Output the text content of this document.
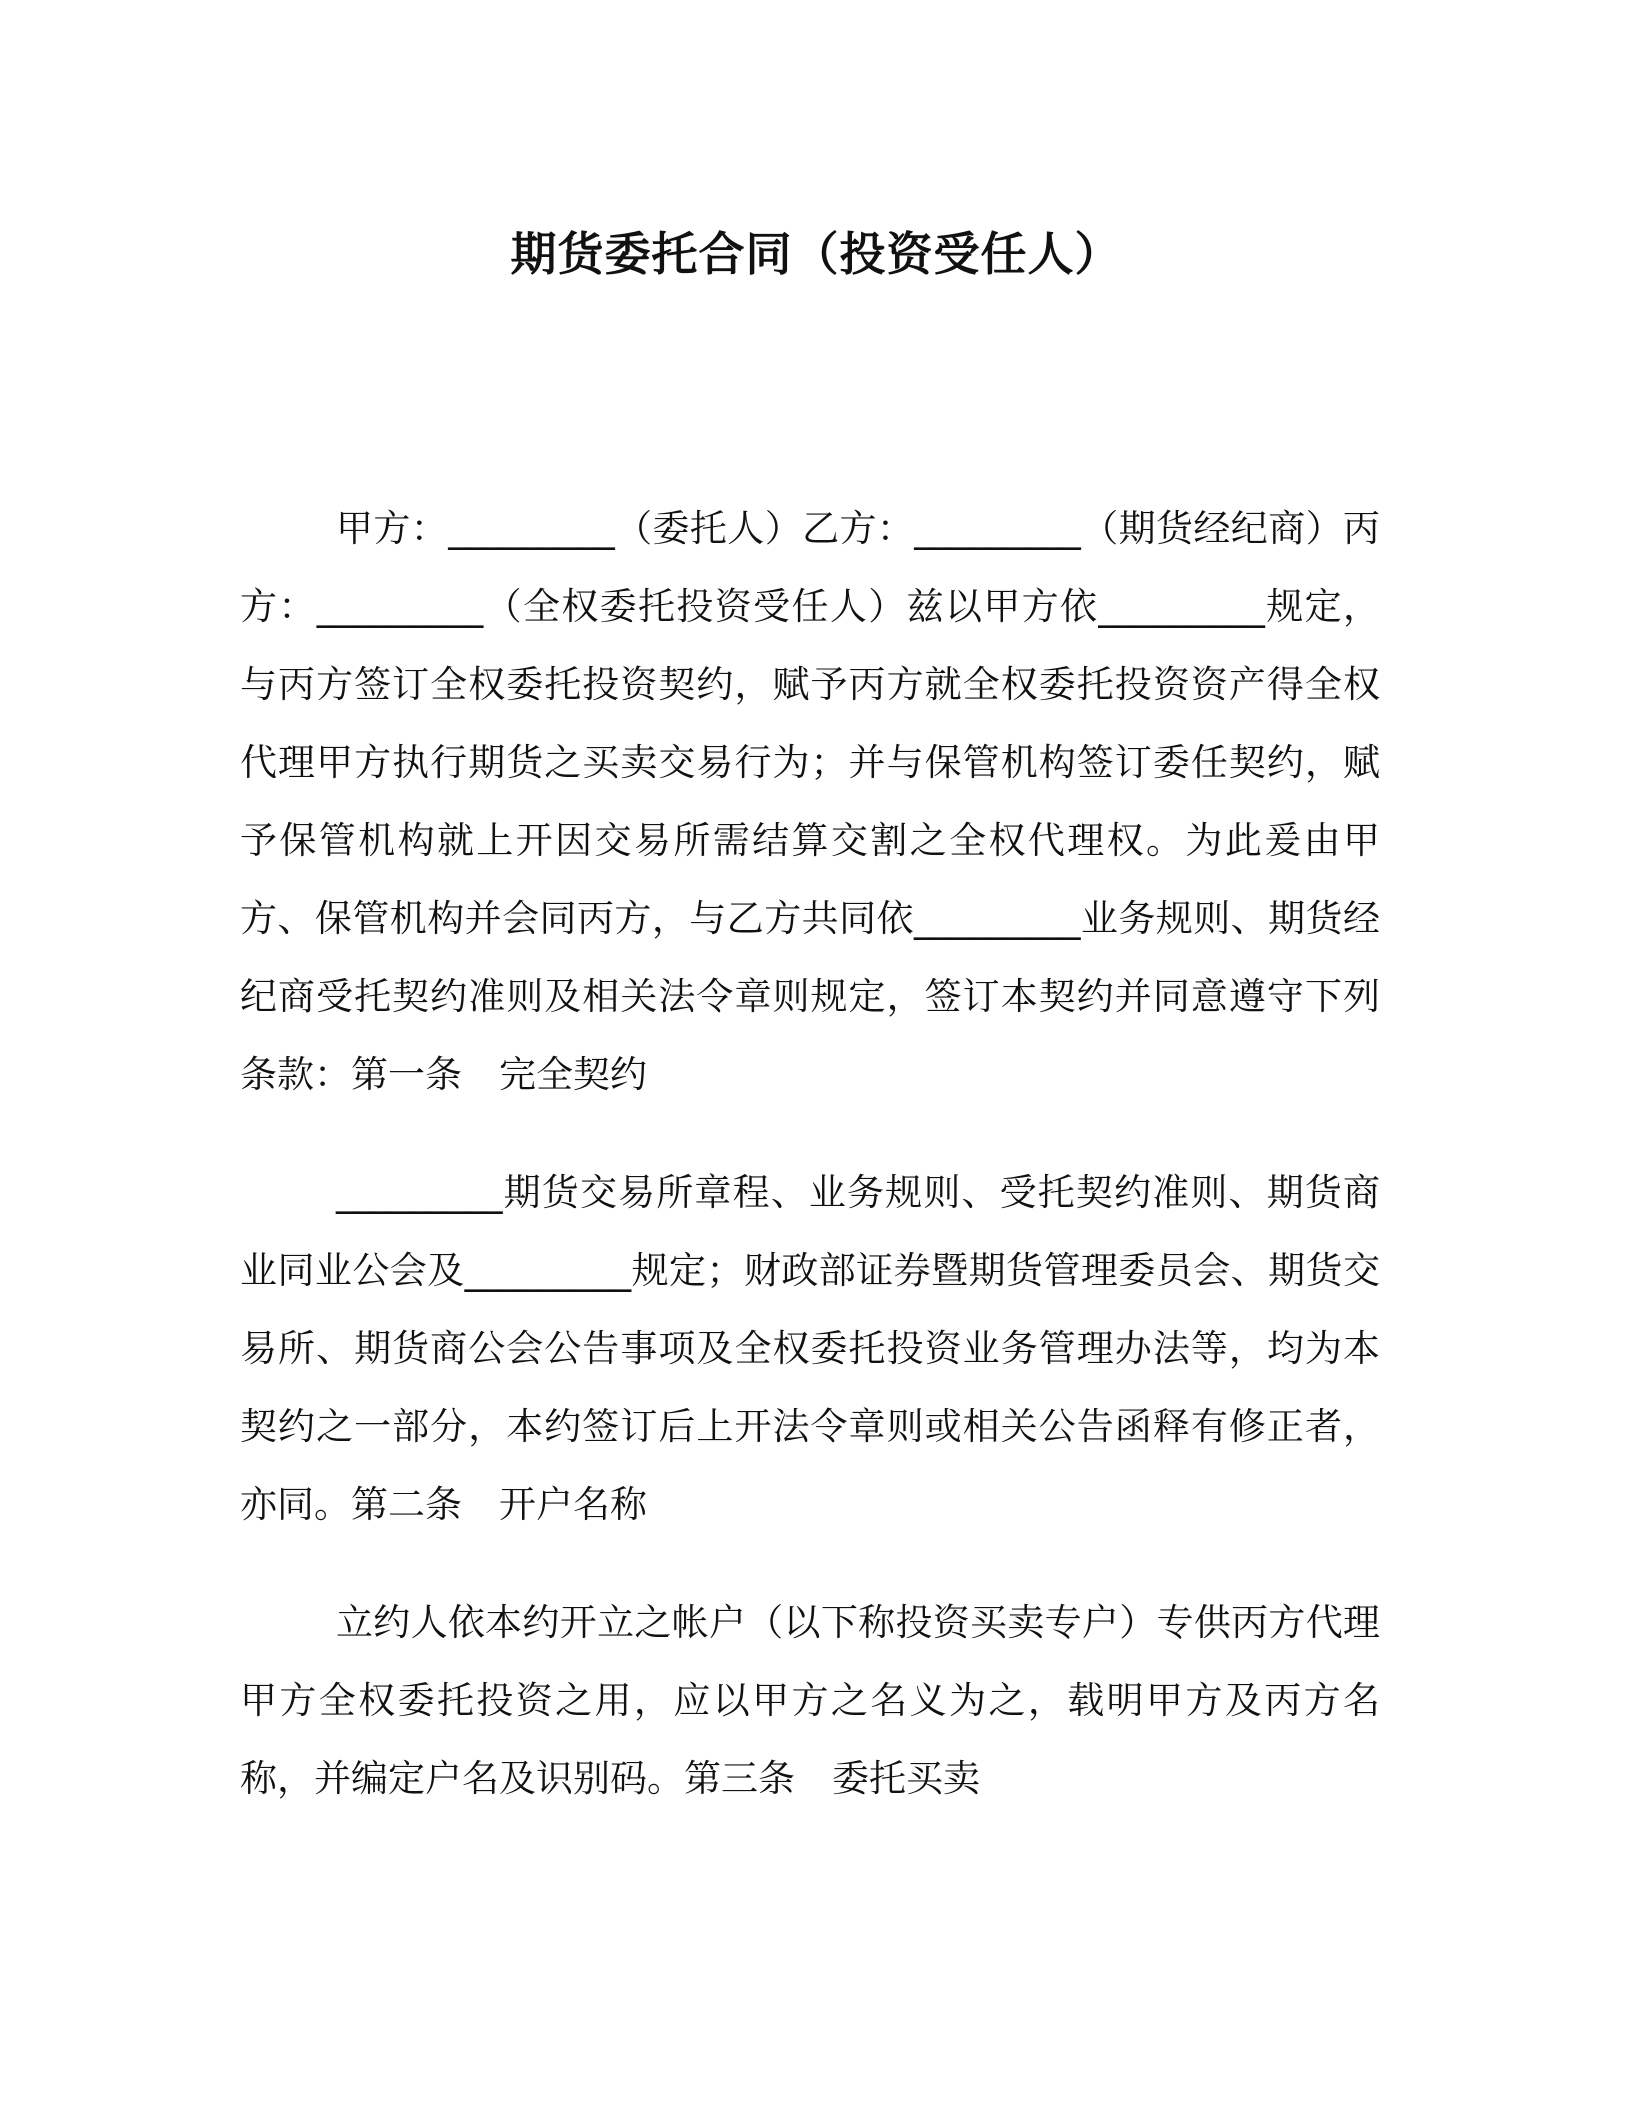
期货委托合同（投资受任人）

甲方：_________（委托人）乙方：_________（期货经纪商）丙方：_________（全权委托投资受任人）兹以甲方依_________规定，与丙方签订全权委托投资契约，赋予丙方就全权委托投资资产得全权代理甲方执行期货之买卖交易行为；并与保管机构签订委任契约，赋予保管机构就上开因交易所需结算交割之全权代理权。为此爰由甲方、保管机构并会同丙方，与乙方共同依_________业务规则、期货经纪商受托契约准则及相关法令章则规定，签订本契约并同意遵守下列条款：第一条　完全契约

_________期货交易所章程、业务规则、受托契约准则、期货商业同业公会及_________规定；财政部证券暨期货管理委员会、期货交易所、期货商公会公告事项及全权委托投资业务管理办法等，均为本契约之一部分，本约签订后上开法令章则或相关公告函释有修正者，亦同。第二条　开户名称

立约人依本约开立之帐户（以下称投资买卖专户）专供丙方代理甲方全权委托投资之用，应以甲方之名义为之，载明甲方及丙方名称，并编定户名及识别码。第三条　委托买卖
